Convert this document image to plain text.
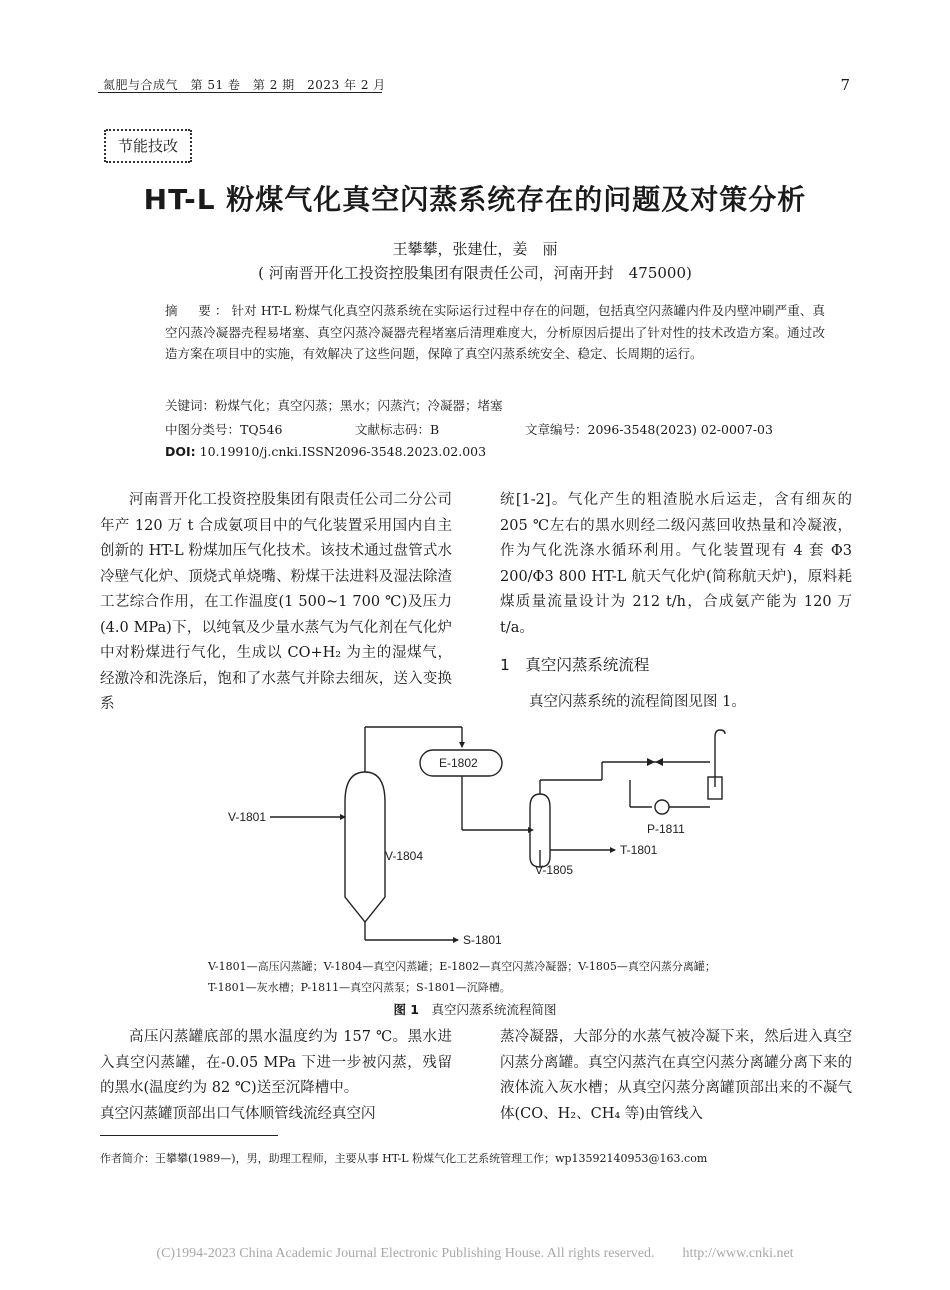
氮肥与合成气　第 51 卷　第 2 期　2023 年 2 月	7
节能技改
HT-L 粉煤气化真空闪蒸系统存在的问题及对策分析
王攀攀，张建仕，姜　丽
( 河南晋开化工投资控股集团有限责任公司，河南开封　475000)
摘　要：针对 HT-L 粉煤气化真空闪蒸系统在实际运行过程中存在的问题，包括真空闪蒸罐内件及内壁冲刷严重、真空闪蒸冷凝器壳程易堵塞、真空闪蒸冷凝器壳程堵塞后清理难度大，分析原因后提出了针对性的技术改造方案。通过改造方案在项目中的实施，有效解决了这些问题，保障了真空闪蒸系统安全、稳定、长周期的运行。
关键词：粉煤气化；真空闪蒸；黑水；闪蒸汽；冷凝器；堵塞
中图分类号：TQ546	文献标志码：B	文章编号：2096-3548(2023) 02-0007-03
DOI: 10.19910/j.cnki.ISSN2096-3548.2023.02.003

河南晋开化工投资控股集团有限责任公司二分公司年产 120 万 t 合成氨项目中的气化装置采用国内自主创新的 HT-L 粉煤加压气化技术。该技术通过盘管式水冷壁气化炉、顶烧式单烧嘴、粉煤干法进料及湿法除渣工艺综合作用，在工作温度(1 500~1 700 ℃)及压力(4.0 MPa)下，以纯氧及少量水蒸气为气化剂在气化炉中对粉煤进行气化，生成以 CO+H₂ 为主的湿煤气，经激冷和洗涤后，饱和了水蒸气并除去细灰，送入变换系

统[1-2]。气化产生的粗渣脱水后运走，含有细灰的 205 ℃左右的黑水则经二级闪蒸回收热量和冷凝液，作为气化洗涤水循环利用。气化装置现有 4 套 Φ3 200/Φ3 800 HT-L 航天气化炉(简称航天炉)，原料耗煤质量流量设计为 212 t/h，合成氨产能为 120 万 t/a。

1　真空闪蒸系统流程
真空闪蒸系统的流程简图见图 1。
V-1801
V-1804
E-1802
V-1805
T-1801
P-1811
S-1801
V-1801—高压闪蒸罐；V-1804—真空闪蒸罐；E-1802—真空闪蒸冷凝器；V-1805—真空闪蒸分离罐；
T-1801—灰水槽；P-1811—真空闪蒸泵；S-1801—沉降槽。
图 1　 真空闪蒸系统流程简图

高压闪蒸罐底部的黑水温度约为 157 ℃。黑水进入真空闪蒸罐，在-0.05 MPa 下进一步被闪蒸，残留的黑水(温度约为 82 ℃)送至沉降槽中。
真空闪蒸罐顶部出口气体顺管线流经真空闪

蒸冷凝器，大部分的水蒸气被冷凝下来，然后进入真空闪蒸分离罐。真空闪蒸汽在真空闪蒸分离罐分离下来的液体流入灰水槽；从真空闪蒸分离罐顶部出来的不凝气体(CO、H₂、CH₄ 等)由管线入

作者简介：王攀攀(1989—)，男，助理工程师，主要从事 HT-L 粉煤气化工艺系统管理工作；wp13592140953@163.com
(C)1994-2023 China Academic Journal Electronic Publishing House. All rights reserved.　　http://www.cnki.net
